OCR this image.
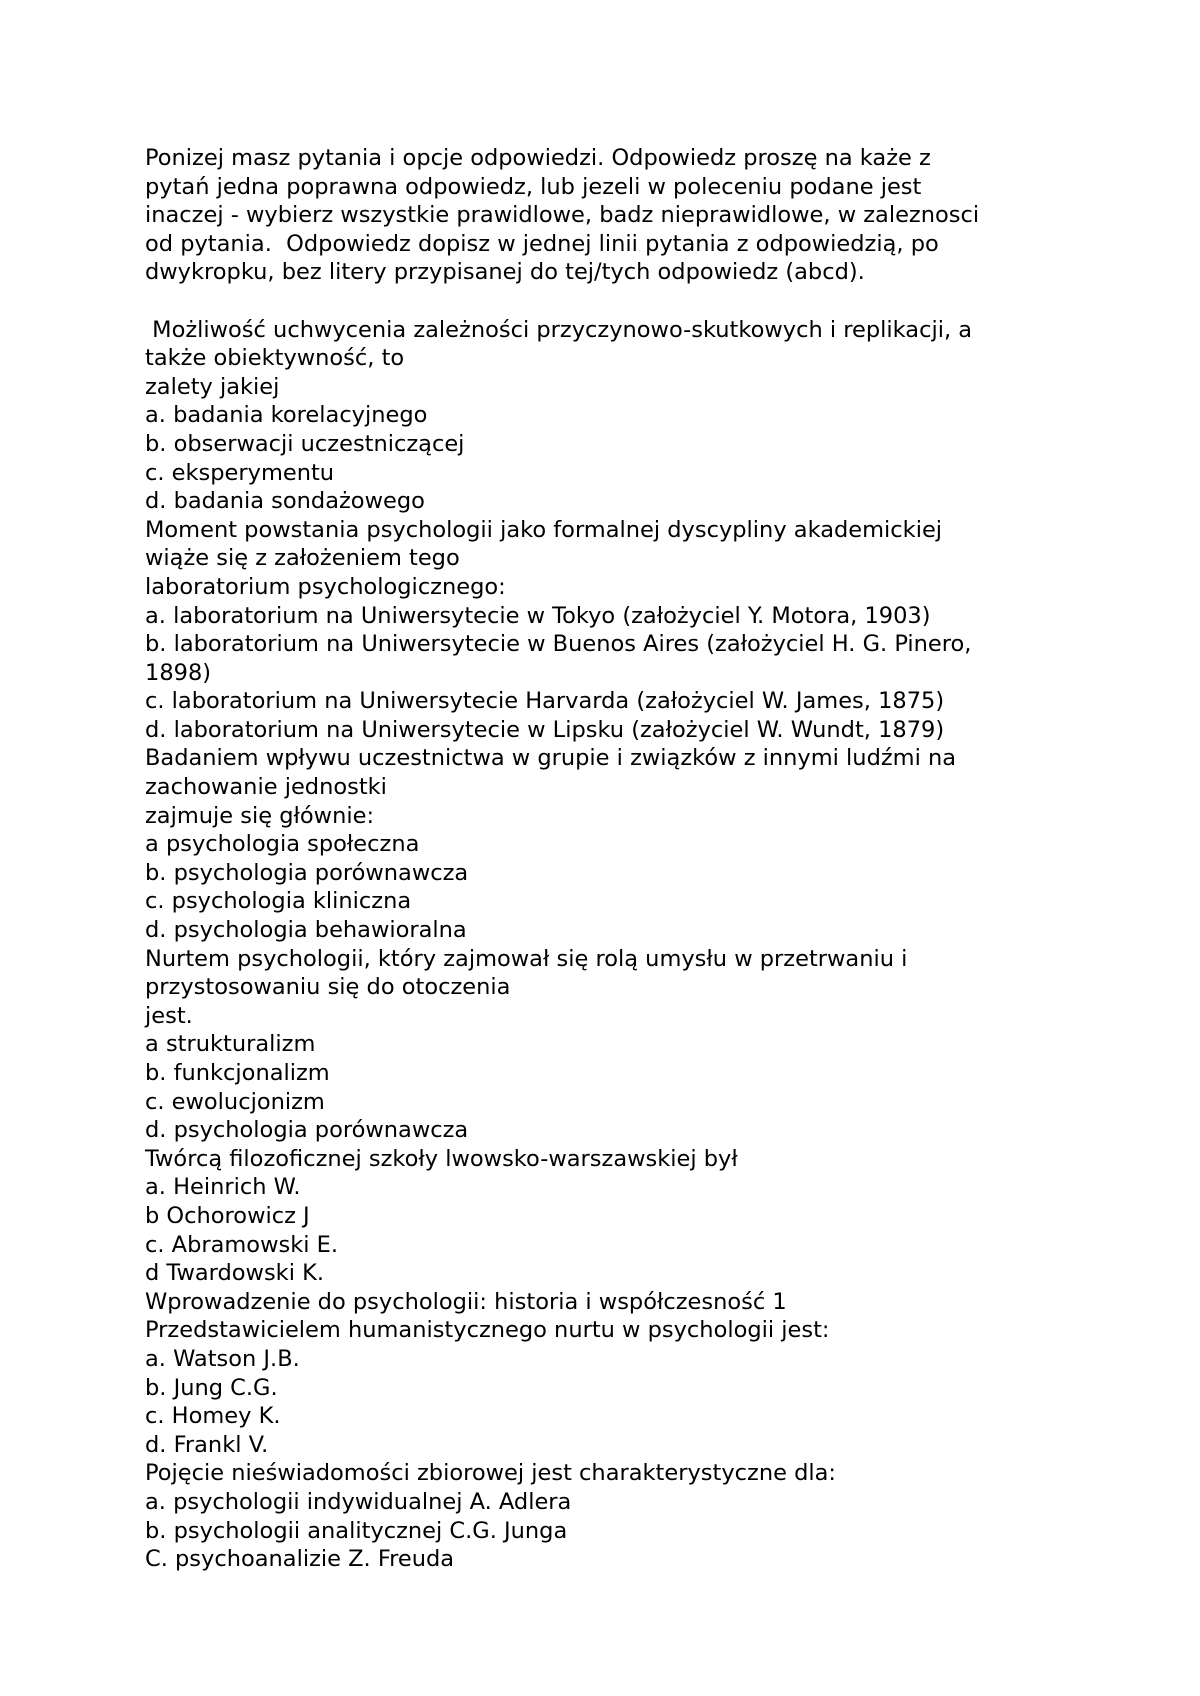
Ponizej masz pytania i opcje odpowiedzi. Odpowiedz proszę na każe z

pytań jedna poprawna odpowiedz, lub jezeli w poleceniu podane jest

inaczej - wybierz wszystkie prawidlowe, badz nieprawidlowe, w zaleznosci

od pytania.  Odpowiedz dopisz w jednej linii pytania z odpowiedzią, po

dwykropku, bez litery przypisanej do tej/tych odpowiedz (abcd).

Możliwość uchwycenia zależności przyczynowo-skutkowych i replikacji, a

także obiektywność, to

zalety jakiej

a. badania korelacyjnego

b. obserwacji uczestniczącej

c. eksperymentu

d. badania sondażowego

Moment powstania psychologii jako formalnej dyscypliny akademickiej

wiąże się z założeniem tego

laboratorium psychologicznego:

a. laboratorium na Uniwersytecie w Tokyo (założyciel Y. Motora, 1903)

b. laboratorium na Uniwersytecie w Buenos Aires (założyciel H. G. Pinero,

1898)

c. laboratorium na Uniwersytecie Harvarda (założyciel W. James, 1875)

d. laboratorium na Uniwersytecie w Lipsku (założyciel W. Wundt, 1879)

Badaniem wpływu uczestnictwa w grupie i związków z innymi ludźmi na

zachowanie jednostki

zajmuje się głównie:

a psychologia społeczna

b. psychologia porównawcza

c. psychologia kliniczna

d. psychologia behawioralna

Nurtem psychologii, który zajmował się rolą umysłu w przetrwaniu i

przystosowaniu się do otoczenia

jest.

a strukturalizm

b. funkcjonalizm

c. ewolucjonizm

d. psychologia porównawcza

Twórcą filozoficznej szkoły lwowsko-warszawskiej był

a. Heinrich W.

b Ochorowicz J

c. Abramowski E.

d Twardowski K.

Wprowadzenie do psychologii: historia i współczesność 1

Przedstawicielem humanistycznego nurtu w psychologii jest:

a. Watson J.B.

b. Jung C.G.

c. Homey K.

d. Frankl V.

Pojęcie nieświadomości zbiorowej jest charakterystyczne dla:

a. psychologii indywidualnej A. Adlera

b. psychologii analitycznej C.G. Junga

C. psychoanalizie Z. Freuda
